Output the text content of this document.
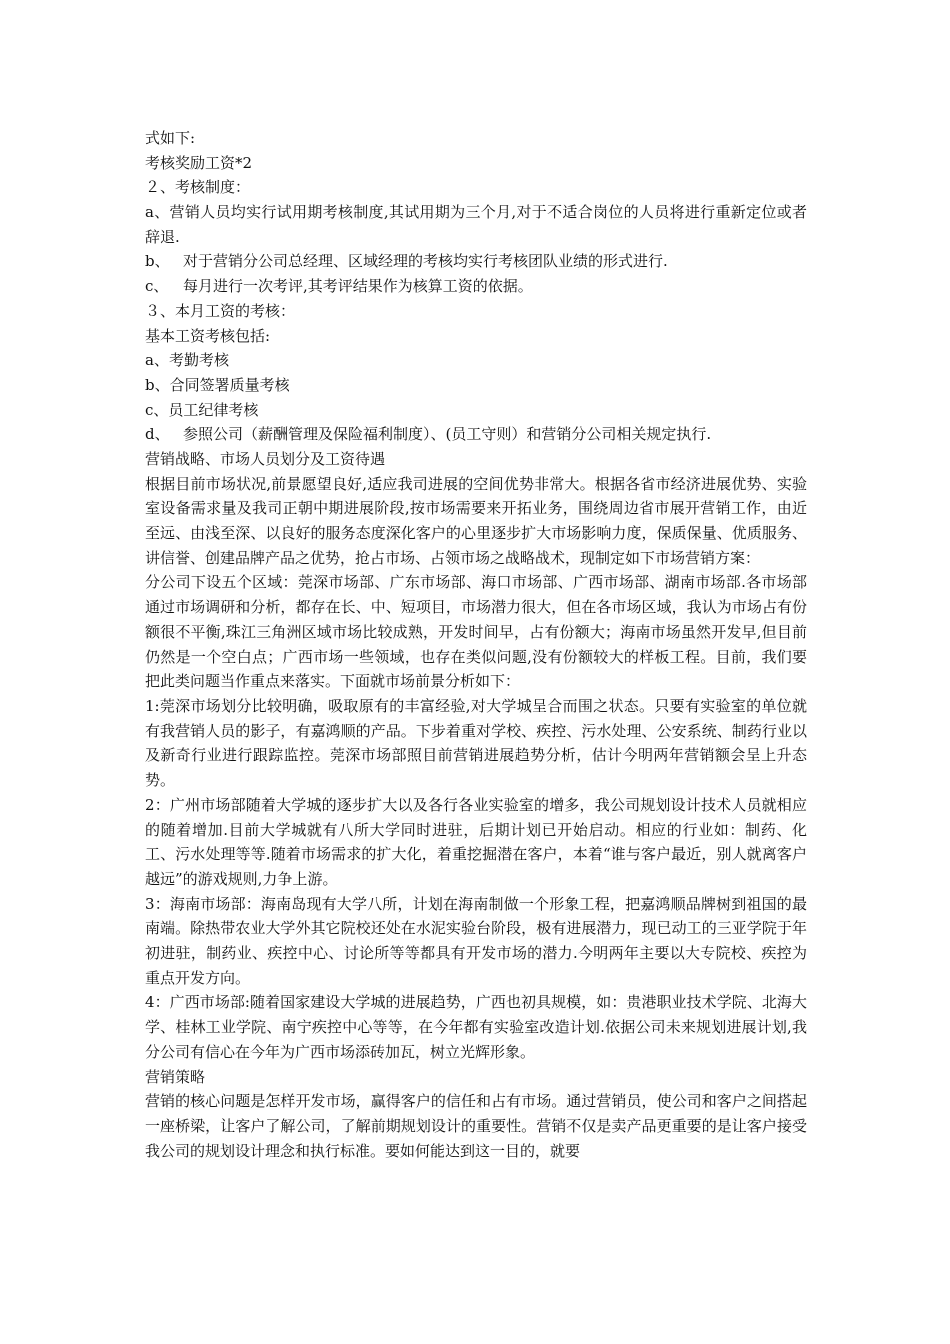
式如下:
考核奖励工资*2
２、考核制度：
a、营销人员均实行试用期考核制度,其试用期为三个月,对于不适合岗位的人员将进行重新定位或者辞退.
b、 对于营销分公司总经理、区域经理的考核均实行考核团队业绩的形式进行.
c、 每月进行一次考评,其考评结果作为核算工资的依据。
３、本月工资的考核：
基本工资考核包括:
a、考勤考核
b、合同签署质量考核
c、员工纪律考核
d、 参照公司（薪酬管理及保险福利制度）、(员工守则）和营销分公司相关规定执行.
营销战略、市场人员划分及工资待遇
根据目前市场状况,前景愿望良好,适应我司进展的空间优势非常大。根据各省市经济进展优势、实验室设备需求量及我司正朝中期进展阶段,按市场需要来开拓业务，围绕周边省市展开营销工作，由近至远、由浅至深、以良好的服务态度深化客户的心里逐步扩大市场影响力度，保质保量、优质服务、讲信誉、创建品牌产品之优势，抢占市场、占领市场之战略战术，现制定如下市场营销方案：
分公司下设五个区域：莞深市场部、广东市场部、海口市场部、广西市场部、湖南市场部.各市场部通过市场调研和分析，都存在长、中、短项目，市场潜力很大，但在各市场区域，我认为市场占有份额很不平衡,珠江三角洲区域市场比较成熟，开发时间早，占有份额大；海南市场虽然开发早,但目前仍然是一个空白点；广西市场一些领域，也存在类似问题,没有份额较大的样板工程。目前，我们要把此类问题当作重点来落实。下面就市场前景分析如下：
1:莞深市场划分比较明确，吸取原有的丰富经验,对大学城呈合而围之状态。只要有实验室的单位就有我营销人员的影子，有嘉鸿顺的产品。下步着重对学校、疾控、污水处理、公安系统、制药行业以及新奇行业进行跟踪监控。莞深市场部照目前营销进展趋势分析，估计今明两年营销额会呈上升态势。
2：广州市场部随着大学城的逐步扩大以及各行各业实验室的增多，我公司规划设计技术人员就相应的随着增加.目前大学城就有八所大学同时进驻，后期计划已开始启动。相应的行业如：制药、化工、污水处理等等.随着市场需求的扩大化，着重挖掘潜在客户，本着“谁与客户最近，别人就离客户越远”的游戏规则,力争上游。
3：海南市场部：海南岛现有大学八所，计划在海南制做一个形象工程，把嘉鸿顺品牌树到祖国的最南端。除热带农业大学外其它院校还处在水泥实验台阶段，极有进展潜力，现已动工的三亚学院于年初进驻，制药业、疾控中心、讨论所等等都具有开发市场的潜力.今明两年主要以大专院校、疾控为重点开发方向。
4：广西市场部:随着国家建设大学城的进展趋势，广西也初具规模，如：贵港职业技术学院、北海大学、桂林工业学院、南宁疾控中心等等，在今年都有实验室改造计划.依据公司未来规划进展计划,我分公司有信心在今年为广西市场添砖加瓦，树立光辉形象。
营销策略
营销的核心问题是怎样开发市场，赢得客户的信任和占有市场。通过营销员，使公司和客户之间搭起一座桥梁，让客户了解公司，了解前期规划设计的重要性。营销不仅是卖产品更重要的是让客户接受我公司的规划设计理念和执行标准。要如何能达到这一目的，就要
